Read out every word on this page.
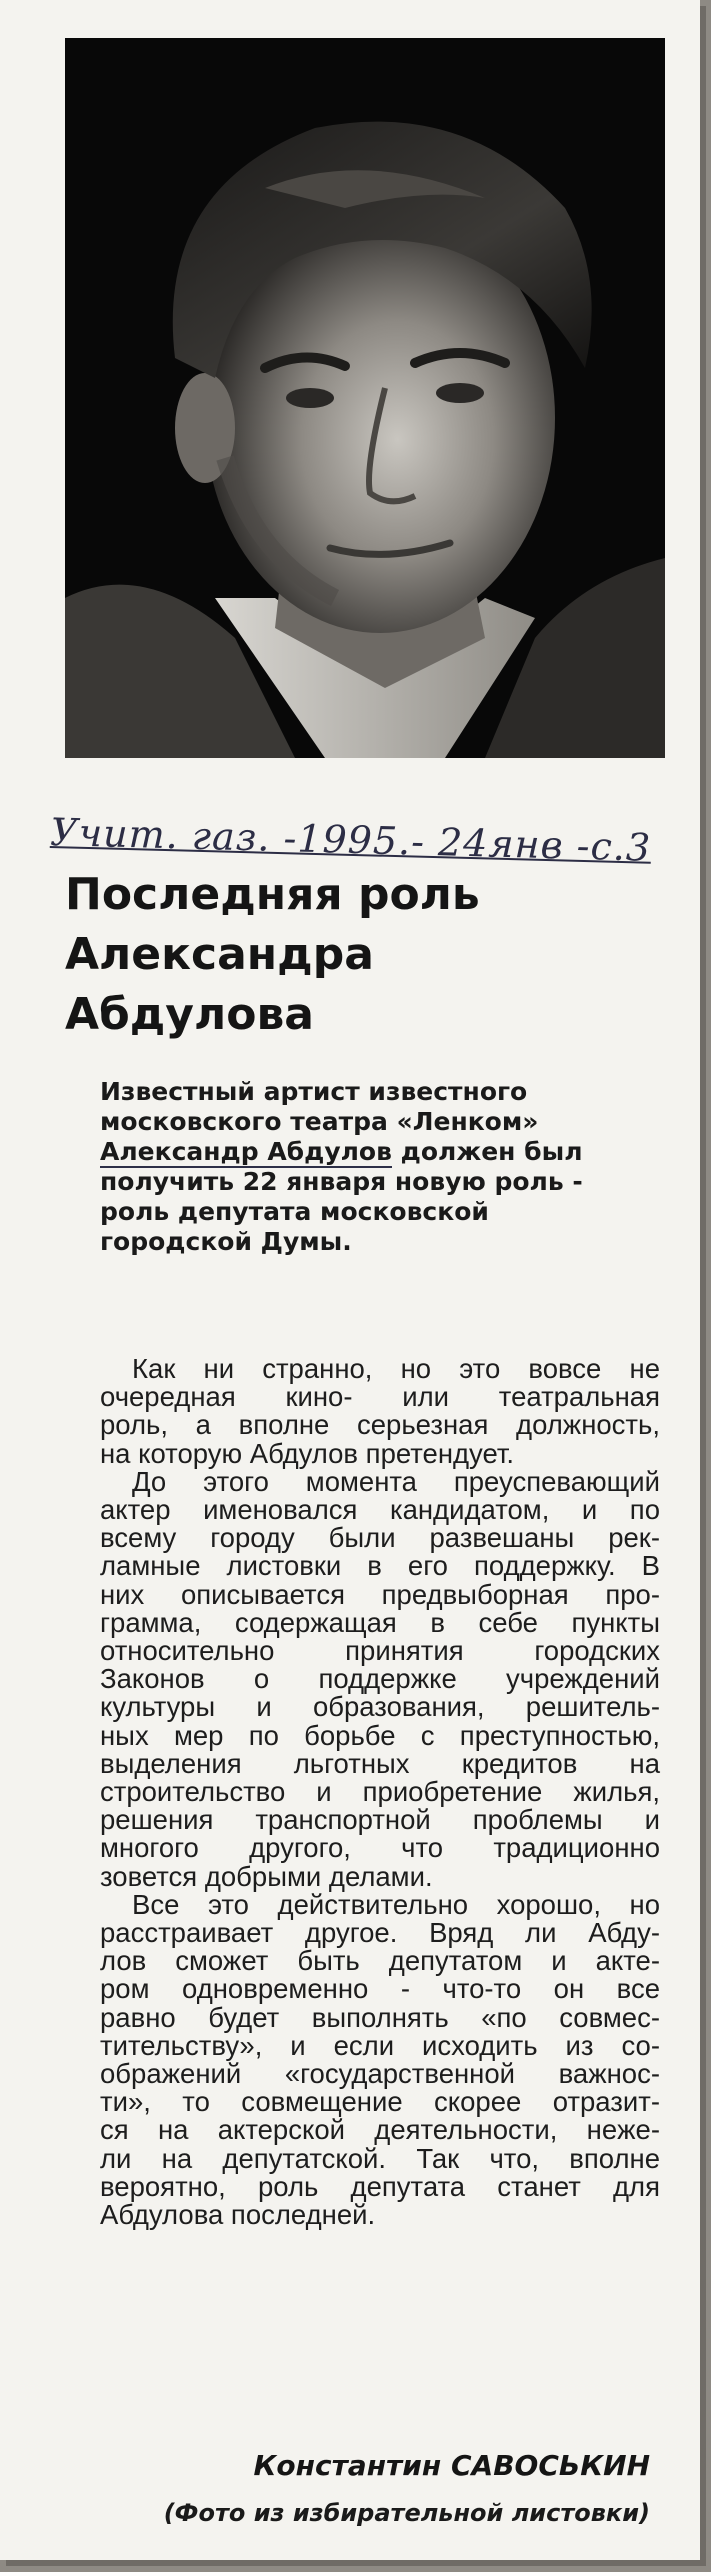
Учит. газ. -1995.- 24янв -с.3
Последняя роль
Александра
Абдулова
Известный артист известного
московского театра «Ленком»
Александр Абдулов должен был
получить 22 января новую роль -
роль депутата московской
городской Думы.
Как ни странно, но это вовсе не
очередная кино- или театральная
роль, а вполне серьезная должность,
на которую Абдулов претендует.
До этого момента преуспевающий
актер именовался кандидатом, и по
всему городу были развешаны рек-
ламные листовки в его поддержку. В
них описывается предвыборная про-
грамма, содержащая в себе пункты
относительно принятия городских
Законов о поддержке учреждений
культуры и образования, решитель-
ных мер по борьбе с преступностью,
выделения льготных кредитов на
строительство и приобретение жилья,
решения транспортной проблемы и
многого другого, что традиционно
зовется добрыми делами.
Все это действительно хорошо, но
расстраивает другое. Вряд ли Абду-
лов сможет быть депутатом и акте-
ром одновременно - что-то он все
равно будет выполнять «по совмес-
тительству», и если исходить из со-
ображений «государственной важнос-
ти», то совмещение скорее отразит-
ся на актерской деятельности, нeже-
ли на депутатской. Так что, вполне
вероятно, роль депутата станет для
Абдулова последней.
Константин САВОСЬКИН
(Фото из избирательной листовки)
